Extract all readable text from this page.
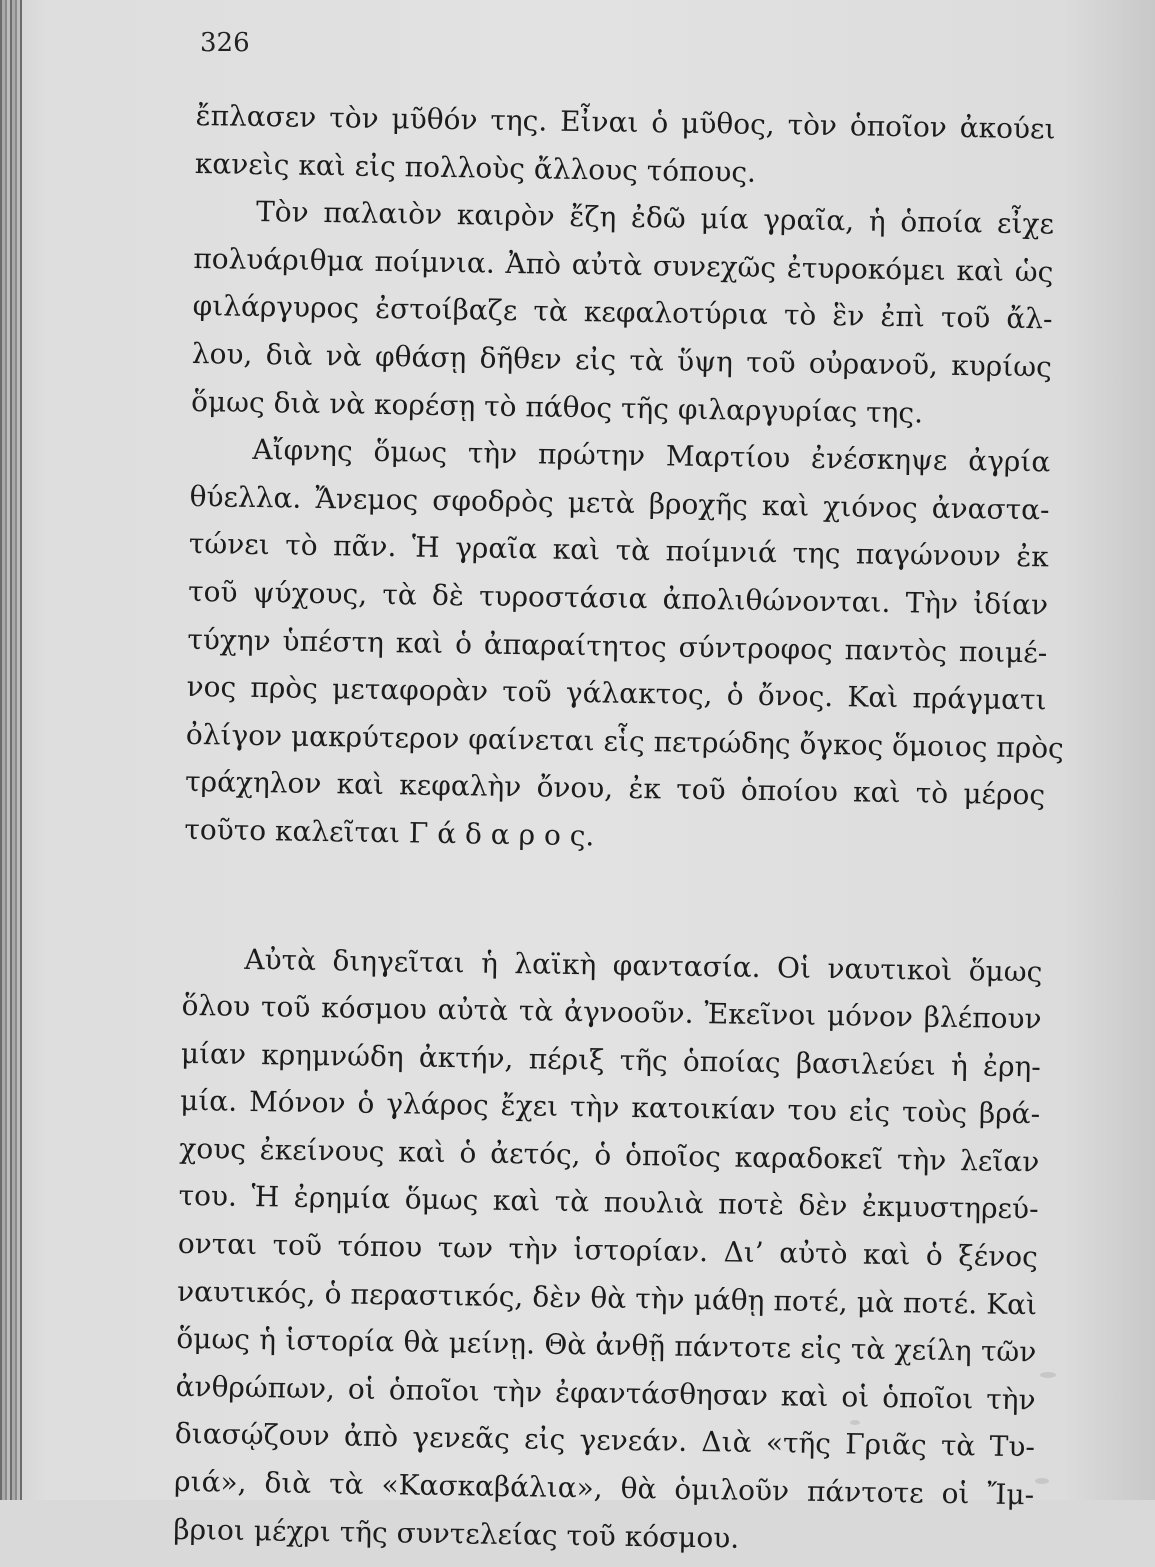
326
ἔπλασεν τὸν μῦθόν της. Εἶναι ὁ μῦθος, τὸν ὁποῖον ἀκούει
κανεὶς καὶ εἰς πολλοὺς ἄλλους τόπους.
Τὸν παλαιὸν καιρὸν ἔζη ἐδῶ μία γραῖα, ἡ ὁποία εἶχε
πολυάριθμα ποίμνια. Ἀπὸ αὐτὰ συνεχῶς ἐτυροκόμει καὶ ὡς
φιλάργυρος ἐστοίβαζε τὰ κεφαλοτύρια τὸ ἓν ἐπὶ τοῦ ἄλ-
λου, διὰ νὰ φθάσῃ δῆθεν εἰς τὰ ὕψη τοῦ οὐρανοῦ, κυρίως
ὅμως διὰ νὰ κορέσῃ τὸ πάθος τῆς φιλαργυρίας της.
Αἴφνης ὅμως τὴν πρώτην Μαρτίου ἐνέσκηψε ἀγρία
θύελλα. Ἄνεμος σφοδρὸς μετὰ βροχῆς καὶ χιόνος ἀναστα-
τώνει τὸ πᾶν. Ἡ γραῖα καὶ τὰ ποίμνιά της παγώνουν ἐκ
τοῦ ψύχους, τὰ δὲ τυροστάσια ἀπολιθώνονται. Τὴν ἰδίαν
τύχην ὑπέστη καὶ ὁ ἀπαραίτητος σύντροφος παντὸς ποιμέ-
νος πρὸς μεταφορὰν τοῦ γάλακτος, ὁ ὄνος. Καὶ πράγματι
ὀλίγον μακρύτερον φαίνεται εἷς πετρώδης ὄγκος ὅμοιος πρὸς
τράχηλον καὶ κεφαλὴν ὄνου, ἐκ τοῦ ὁποίου καὶ τὸ μέρος
τοῦτο καλεῖται Γ ά δ α ρ ο ς.
Αὐτὰ διηγεῖται ἡ λαϊκὴ φαντασία. Οἱ ναυτικοὶ ὅμως
ὅλου τοῦ κόσμου αὐτὰ τὰ ἀγνοοῦν. Ἐκεῖνοι μόνον βλέπουν
μίαν κρημνώδη ἀκτήν, πέριξ τῆς ὁποίας βασιλεύει ἡ ἐρη-
μία. Μόνον ὁ γλάρος ἔχει τὴν κατοικίαν του εἰς τοὺς βρά-
χους ἐκείνους καὶ ὁ ἀετός, ὁ ὁποῖος καραδοκεῖ τὴν λεῖαν
του. Ἡ ἐρημία ὅμως καὶ τὰ πουλιὰ ποτὲ δὲν ἐκμυστηρεύ-
ονται τοῦ τόπου των τὴν ἱστορίαν. Δι’ αὐτὸ καὶ ὁ ξένος
ναυτικός, ὁ περαστικός, δὲν θὰ τὴν μάθῃ ποτέ, μὰ ποτέ. Καὶ
ὅμως ἡ ἱστορία θὰ μείνῃ. Θὰ ἀνθῇ πάντοτε εἰς τὰ χείλη τῶν
ἀνθρώπων, οἱ ὁποῖοι τὴν ἐφαντάσθησαν καὶ οἱ ὁποῖοι τὴν
διασῴζουν ἀπὸ γενεᾶς εἰς γενεάν. Διὰ «τῆς Γριᾶς τὰ Τυ-
ριά», διὰ τὰ «Κασκαβάλια», θὰ ὁμιλοῦν πάντοτε οἱ Ἴμ-
βριοι μέχρι τῆς συντελείας τοῦ κόσμου.
